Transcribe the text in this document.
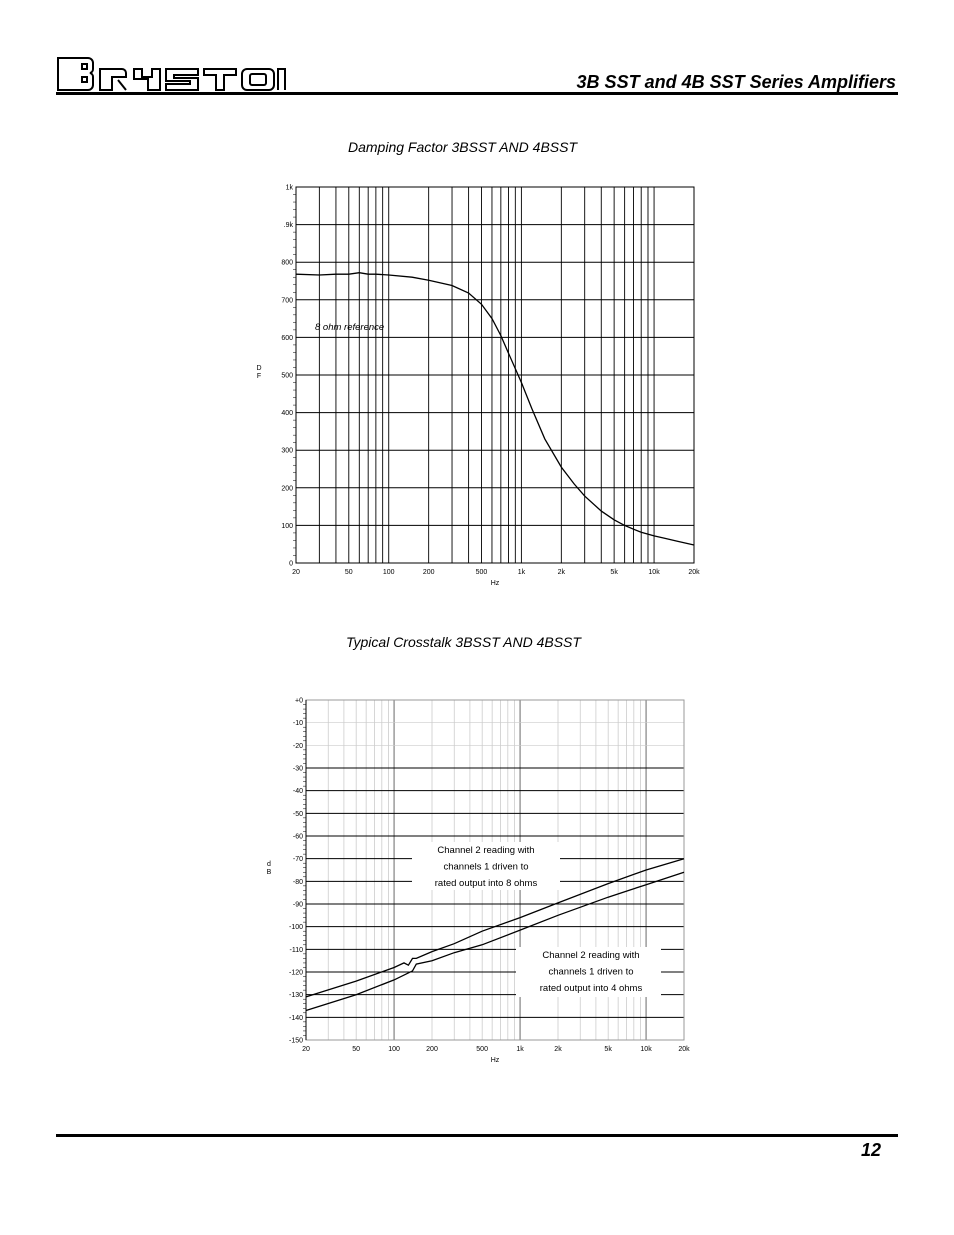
3B SST and 4B SST Series Amplifiers
Damping Factor 3BSST AND 4BSST
Typical Crosstalk 3BSST AND 4BSST
0
100
200
300
400
500
600
700
800
.9k
1k
20	50	100	200	500	1k	2k	5k	10k	20k
Hz
D F
8 ohm reference
+0
-10
-20
-30
-40
-50
-60
-70
-80
-90
-100
-110
-120
-130
-140
-150
20	50	100	200	500	1k	2k	5k	10k	20k
Hz
d B
Channel 2 reading with
channels 1 driven to
rated output into 8 ohms
Channel 2 reading with
channels 1 driven to
rated output into 4 ohms
12
